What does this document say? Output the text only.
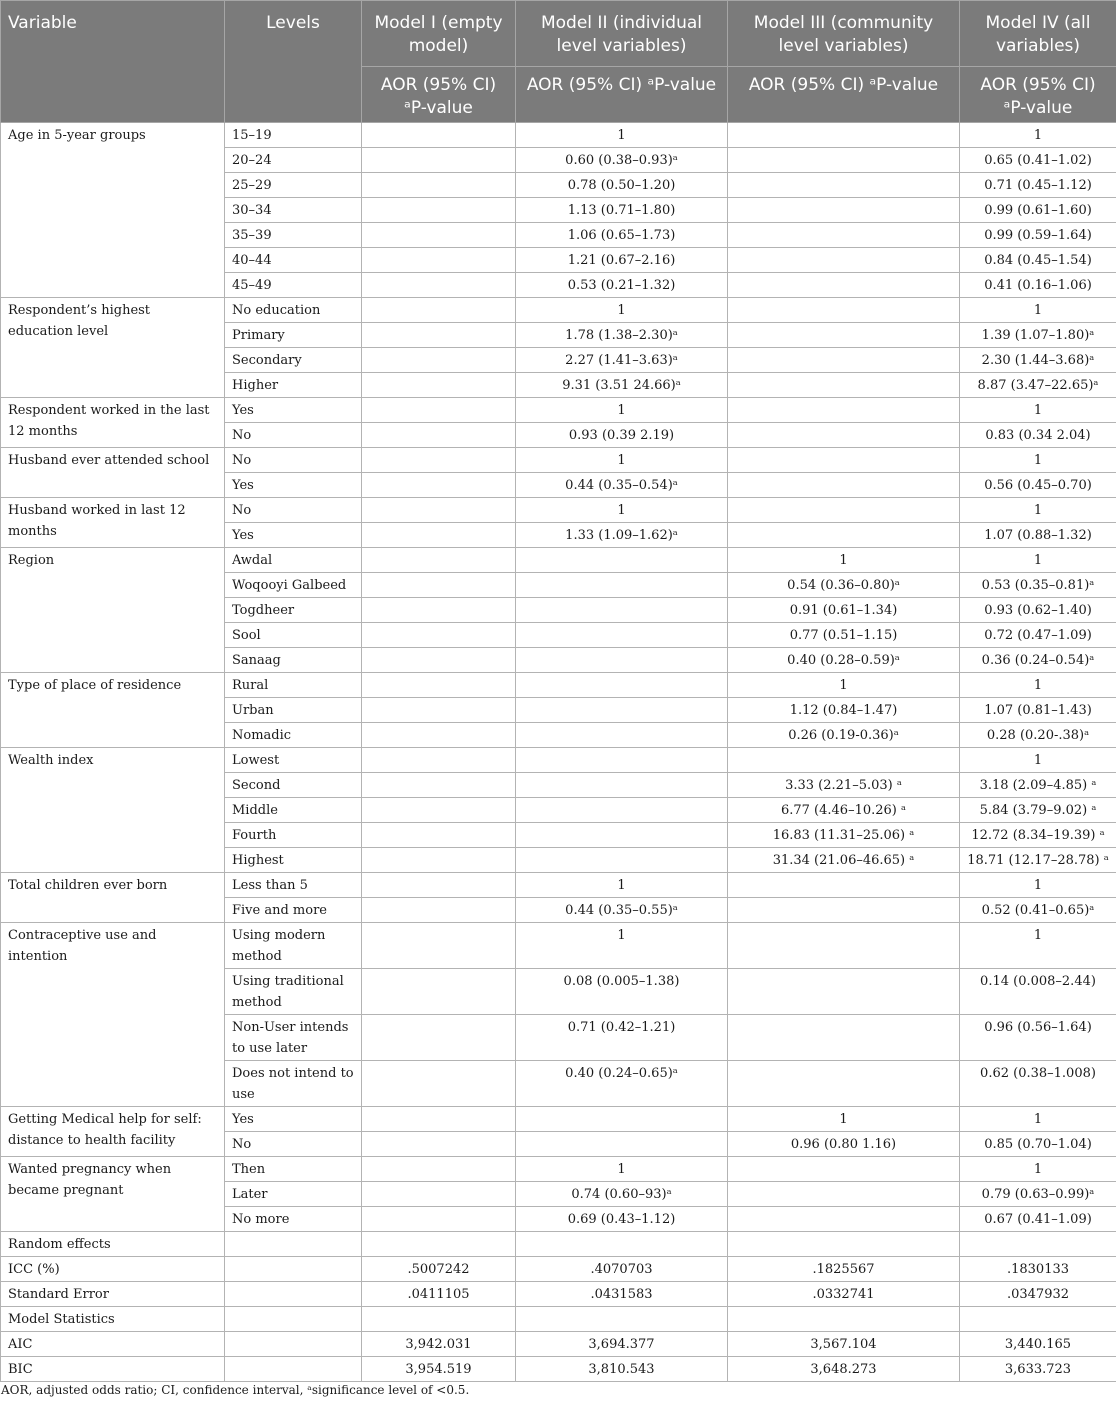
Variable	Levels	Model I (empty model)	Model II (individual level variables)	Model III (community level variables)	Model IV (all variables)
		AOR (95% CI) ᵃP-value	AOR (95% CI) ᵃP-value	AOR (95% CI) ᵃP-value	AOR (95% CI) ᵃP-value
Age in 5-year groups	15–19		1		1
	20–24		0.60 (0.38–0.93)ᵃ		0.65 (0.41–1.02)
	25–29		0.78 (0.50–1.20)		0.71 (0.45–1.12)
	30–34		1.13 (0.71–1.80)		0.99 (0.61–1.60)
	35–39		1.06 (0.65–1.73)		0.99 (0.59–1.64)
	40–44		1.21 (0.67–2.16)		0.84 (0.45–1.54)
	45–49		0.53 (0.21–1.32)		0.41 (0.16–1.06)
Respondent’s highest education level	No education		1		1
	Primary		1.78 (1.38–2.30)ᵃ		1.39 (1.07–1.80)ᵃ
	Secondary		2.27 (1.41–3.63)ᵃ		2.30 (1.44–3.68)ᵃ
	Higher		9.31 (3.51 24.66)ᵃ		8.87 (3.47–22.65)ᵃ
Respondent worked in the last 12 months	Yes		1		1
	No		0.93 (0.39 2.19)		0.83 (0.34 2.04)
Husband ever attended school	No		1		1
	Yes		0.44 (0.35–0.54)ᵃ		0.56 (0.45–0.70)
Husband worked in last 12 months	No		1		1
	Yes		1.33 (1.09–1.62)ᵃ		1.07 (0.88–1.32)
Region	Awdal			1	1
	Woqooyi Galbeed			0.54 (0.36–0.80)ᵃ	0.53 (0.35–0.81)ᵃ
	Togdheer			0.91 (0.61–1.34)	0.93 (0.62–1.40)
	Sool			0.77 (0.51–1.15)	0.72 (0.47–1.09)
	Sanaag			0.40 (0.28–0.59)ᵃ	0.36 (0.24–0.54)ᵃ
Type of place of residence	Rural			1	1
	Urban			1.12 (0.84–1.47)	1.07 (0.81–1.43)
	Nomadic			0.26 (0.19-0.36)ᵃ	0.28 (0.20-.38)ᵃ
Wealth index	Lowest				1
	Second			3.33 (2.21–5.03) ᵃ	3.18 (2.09–4.85) ᵃ
	Middle			6.77 (4.46–10.26) ᵃ	5.84 (3.79–9.02) ᵃ
	Fourth			16.83 (11.31–25.06) ᵃ	12.72 (8.34–19.39) ᵃ
	Highest			31.34 (21.06–46.65) ᵃ	18.71 (12.17–28.78) ᵃ
Total children ever born	Less than 5		1		1
	Five and more		0.44 (0.35–0.55)ᵃ		0.52 (0.41–0.65)ᵃ
Contraceptive use and intention	Using modern method		1		1
	Using traditional method		0.08 (0.005–1.38)		0.14 (0.008–2.44)
	Non-User intends to use later		0.71 (0.42–1.21)		0.96 (0.56–1.64)
	Does not intend to use		0.40 (0.24–0.65)ᵃ		0.62 (0.38–1.008)
Getting Medical help for self: distance to health facility	Yes			1	1
	No			0.96 (0.80 1.16)	0.85 (0.70–1.04)
Wanted pregnancy when became pregnant	Then		1		1
	Later		0.74 (0.60–93)ᵃ		0.79 (0.63–0.99)ᵃ
	No more		0.69 (0.43–1.12)		0.67 (0.41–1.09)
Random effects					
ICC (%)		.5007242	.4070703	.1825567	.1830133
Standard Error		.0411105	.0431583	.0332741	.0347932
Model Statistics					
AIC		3,942.031	3,694.377	3,567.104	3,440.165
BIC		3,954.519	3,810.543	3,648.273	3,633.723
AOR, adjusted odds ratio; CI, confidence interval, ᵃsignificance level of <0.5.
